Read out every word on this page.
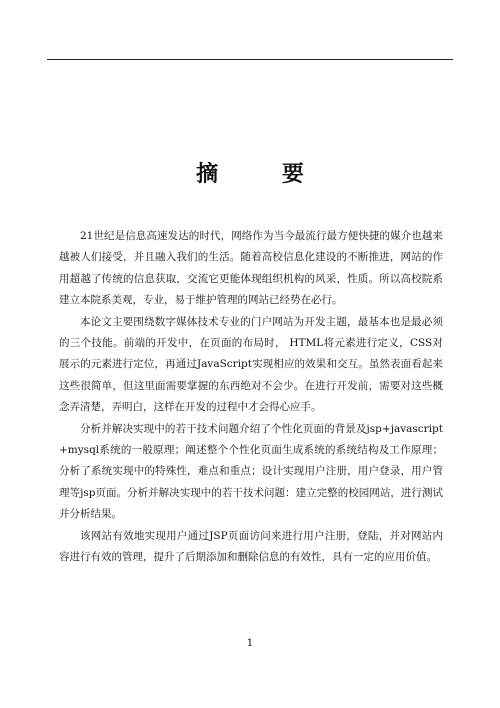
摘 要

21世纪是信息高速发达的时代，网络作为当今最流行最方便快捷的媒介也越来越被人们接受，并且融入我们的生活。随着高校信息化建设的不断推进，网站的作用超越了传统的信息获取，交流它更能体现组织机构的风采，性质。所以高校院系建立本院系美观，专业，易于维护管理的网站已经势在必行。

本论文主要围绕数字媒体技术专业的门户网站为开发主题，最基本也是最必须的三个技能。前端的开发中，在页面的布局时， HTML将元素进行定义，CSS对展示的元素进行定位，再通过JavaScript实现相应的效果和交互。虽然表面看起来这些很简单，但这里面需要掌握的东西绝对不会少。在进行开发前，需要对这些概念弄清楚，弄明白，这样在开发的过程中才会得心应手。

分析并解决实现中的若干技术问题介绍了个性化页面的背景及jsp+javascript +mysql系统的一般原理；阐述整个个性化页面生成系统的系统结构及工作原理；分析了系统实现中的特殊性，难点和重点；设计实现用户注册，用户登录，用户管理等jsp页面。分析并解决实现中的若干技术问题：建立完整的校园网站，进行测试并分析结果。

该网站有效地实现用户通过JSP页面访问来进行用户注册，登陆，并对网站内容进行有效的管理，提升了后期添加和删除信息的有效性，具有一定的应用价值。

1
